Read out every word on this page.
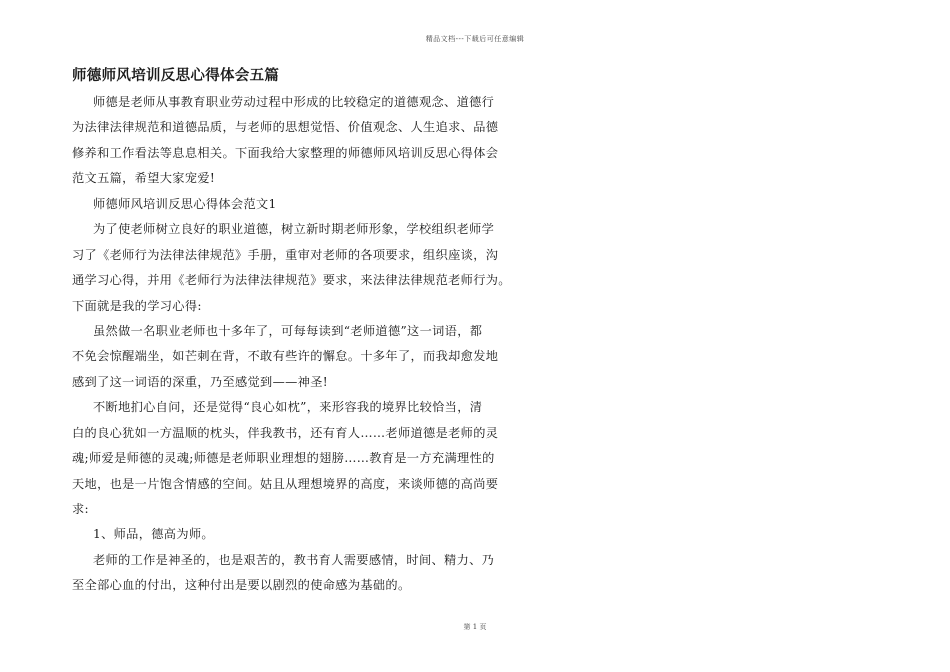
精品文档---下载后可任意编辑
师德师风培训反思心得体会五篇
师德是老师从事教育职业劳动过程中形成的比较稳定的道德观念、道德行
为法律法律规范和道德品质，与老师的思想觉悟、价值观念、人生追求、品德
修养和工作看法等息息相关。下面我给大家整理的师德师风培训反思心得体会
范文五篇，希望大家宠爱!
师德师风培训反思心得体会范文1
为了使老师树立良好的职业道德，树立新时期老师形象，学校组织老师学
习了《老师行为法律法律规范》手册，重审对老师的各项要求，组织座谈，沟
通学习心得，并用《老师行为法律法律规范》要求，来法律法律规范老师行为。
下面就是我的学习心得:
虽然做一名职业老师也十多年了，可每每读到“老师道德”这一词语，都
不免会惊醒端坐，如芒刺在背，不敢有些许的懈怠。十多年了，而我却愈发地
感到了这一词语的深重，乃至感觉到——神圣!
不断地扪心自问，还是觉得“良心如枕”，来形容我的境界比较恰当，清
白的良心犹如一方温顺的枕头，伴我教书，还有育人……老师道德是老师的灵
魂;师爱是师德的灵魂;师德是老师职业理想的翅膀……教育是一方充满理性的
天地，也是一片饱含情感的空间。姑且从理想境界的高度，来谈师德的高尚要
求:
1、师品，德高为师。
老师的工作是神圣的，也是艰苦的，教书育人需要感情，时间、精力、乃
至全部心血的付出，这种付出是要以剧烈的使命感为基础的。
第 1 页
